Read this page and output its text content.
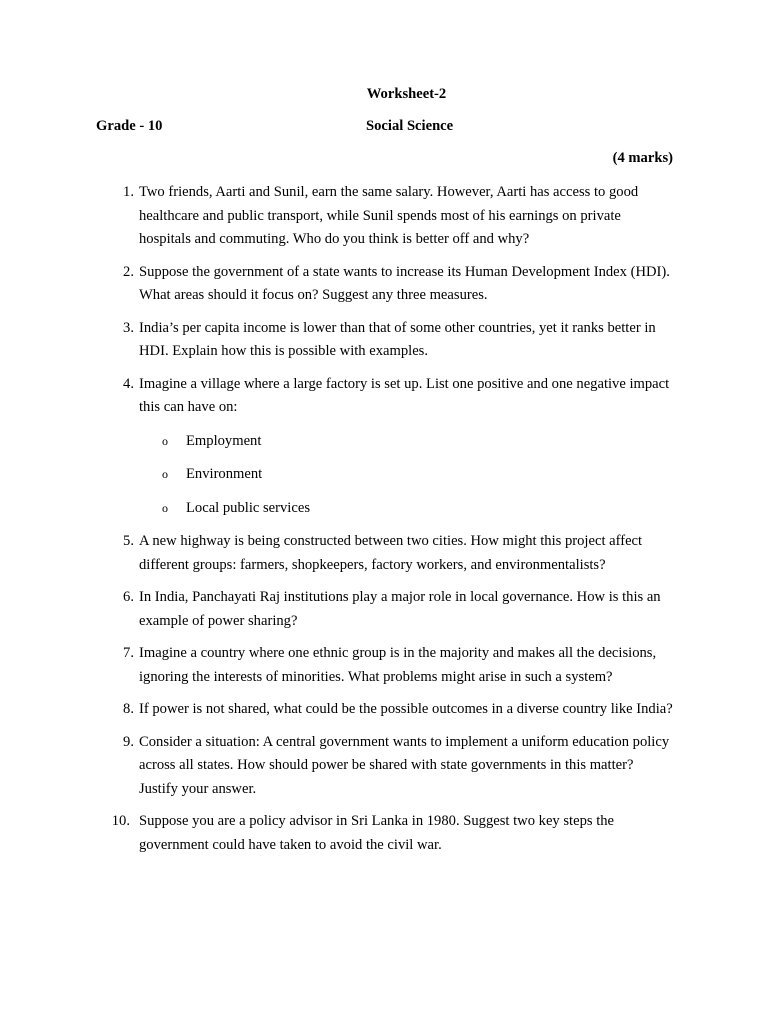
Worksheet-2
Grade - 10	Social Science
(4 marks)
1. Two friends, Aarti and Sunil, earn the same salary. However, Aarti has access to good healthcare and public transport, while Sunil spends most of his earnings on private hospitals and commuting. Who do you think is better off and why?
2. Suppose the government of a state wants to increase its Human Development Index (HDI). What areas should it focus on? Suggest any three measures.
3. India’s per capita income is lower than that of some other countries, yet it ranks better in HDI. Explain how this is possible with examples.
4. Imagine a village where a large factory is set up. List one positive and one negative impact this can have on:
o Employment
o Environment
o Local public services
5. A new highway is being constructed between two cities. How might this project affect different groups: farmers, shopkeepers, factory workers, and environmentalists?
6. In India, Panchayati Raj institutions play a major role in local governance. How is this an example of power sharing?
7. Imagine a country where one ethnic group is in the majority and makes all the decisions, ignoring the interests of minorities. What problems might arise in such a system?
8. If power is not shared, what could be the possible outcomes in a diverse country like India?
9. Consider a situation: A central government wants to implement a uniform education policy across all states. How should power be shared with state governments in this matter? Justify your answer.
10. Suppose you are a policy advisor in Sri Lanka in 1980. Suggest two key steps the government could have taken to avoid the civil war.
